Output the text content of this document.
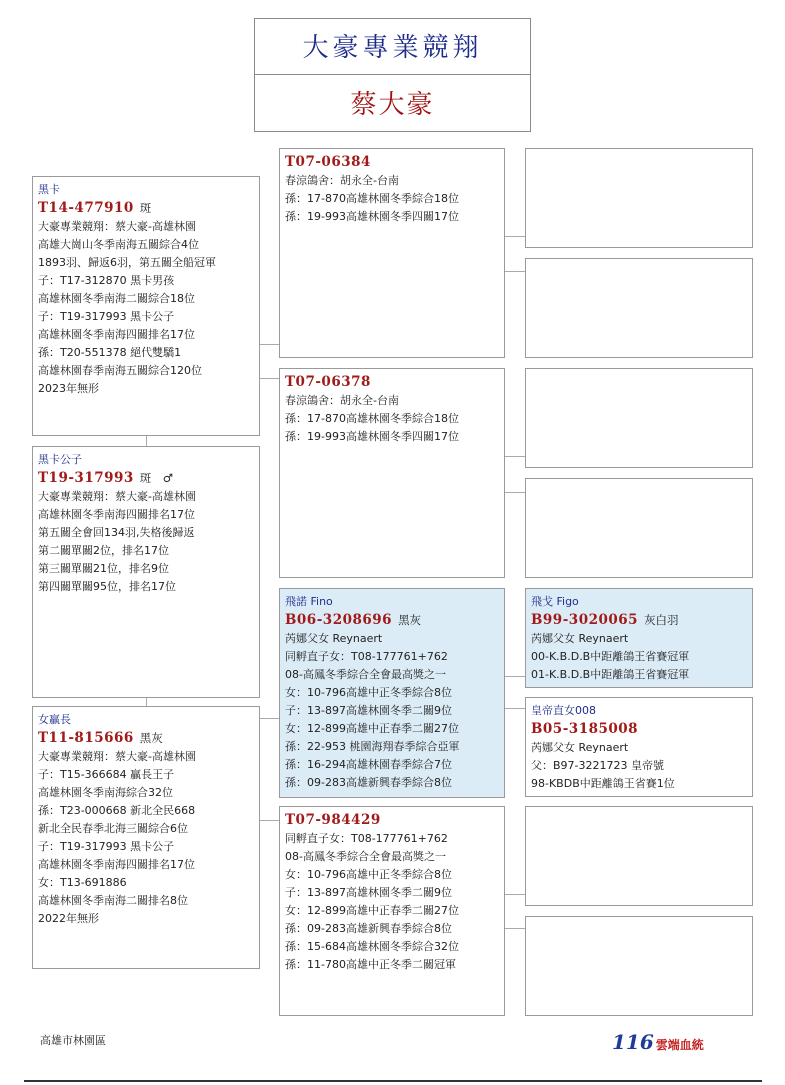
大豪專業競翔
蔡大豪
黑卡
T14-477910 斑
大豪專業競翔：蔡大豪-高雄林園
高雄大崗山冬季南海五關綜合4位
1893羽、歸返6羽，第五關全船冠軍
子：T17-312870 黑卡男孩
高雄林園冬季南海二關綜合18位
子：T19-317993 黑卡公子
高雄林園冬季南海四關排名17位
孫：T20-551378 絕代雙驕1
高雄林園春季南海五關綜合120位
2023年無形
黑卡公子
T19-317993 斑　♂
大豪專業競翔：蔡大豪-高雄林園
高雄林園冬季南海四關排名17位
第五關全會回134羽,失格後歸返
第二關單關2位，排名17位
第三關單關21位，排名9位
第四關單關95位，排名17位
女贏長
T11-815666 黑灰
大豪專業競翔：蔡大豪-高雄林園
子：T15-366684 贏長王子
高雄林園冬季南海綜合32位
孫：T23-000668 新北全民668
新北全民春季北海三關綜合6位
子：T19-317993 黑卡公子
高雄林園冬季南海四關排名17位
女：T13-691886
高雄林園冬季南海二關排名8位
2022年無形
T07-06384
春涼鴿舍：胡永全-台南
孫：17-870高雄林園冬季綜合18位
孫：19-993高雄林園冬季四關17位
T07-06378
春涼鴿舍：胡永全-台南
孫：17-870高雄林園冬季綜合18位
孫：19-993高雄林園冬季四關17位
飛諾 Fino
B06-3208696 黑灰
芮娜父女 Reynaert
同孵直子女：T08-177761+762
08-高鳳冬季綜合全會最高獎之一
女：10-796高雄中正冬季綜合8位
子：13-897高雄林園冬季二關9位
女：12-899高雄中正春季二關27位
孫：22-953 桃園海翔春季綜合亞軍
孫：16-294高雄林園春季綜合7位
孫：09-283高雄新興春季綜合8位
T07-984429
同孵直子女：T08-177761+762
08-高鳳冬季綜合全會最高獎之一
女：10-796高雄中正冬季綜合8位
子：13-897高雄林園冬季二關9位
女：12-899高雄中正春季二關27位
孫：09-283高雄新興春季綜合8位
孫：15-684高雄林園冬季綜合32位
孫：11-780高雄中正冬季二關冠軍
飛戈 Figo
B99-3020065 灰白羽
芮娜父女 Reynaert
00-K.B.D.B中距離鴿王省賽冠軍
01-K.B.D.B中距離鴿王省賽冠軍
皇帝直女008
B05-3185008
芮娜父女 Reynaert
父：B97-3221723 皇帝號
98-KBDB中距離鴿王省賽1位
高雄市林園區	116 雲端血統
